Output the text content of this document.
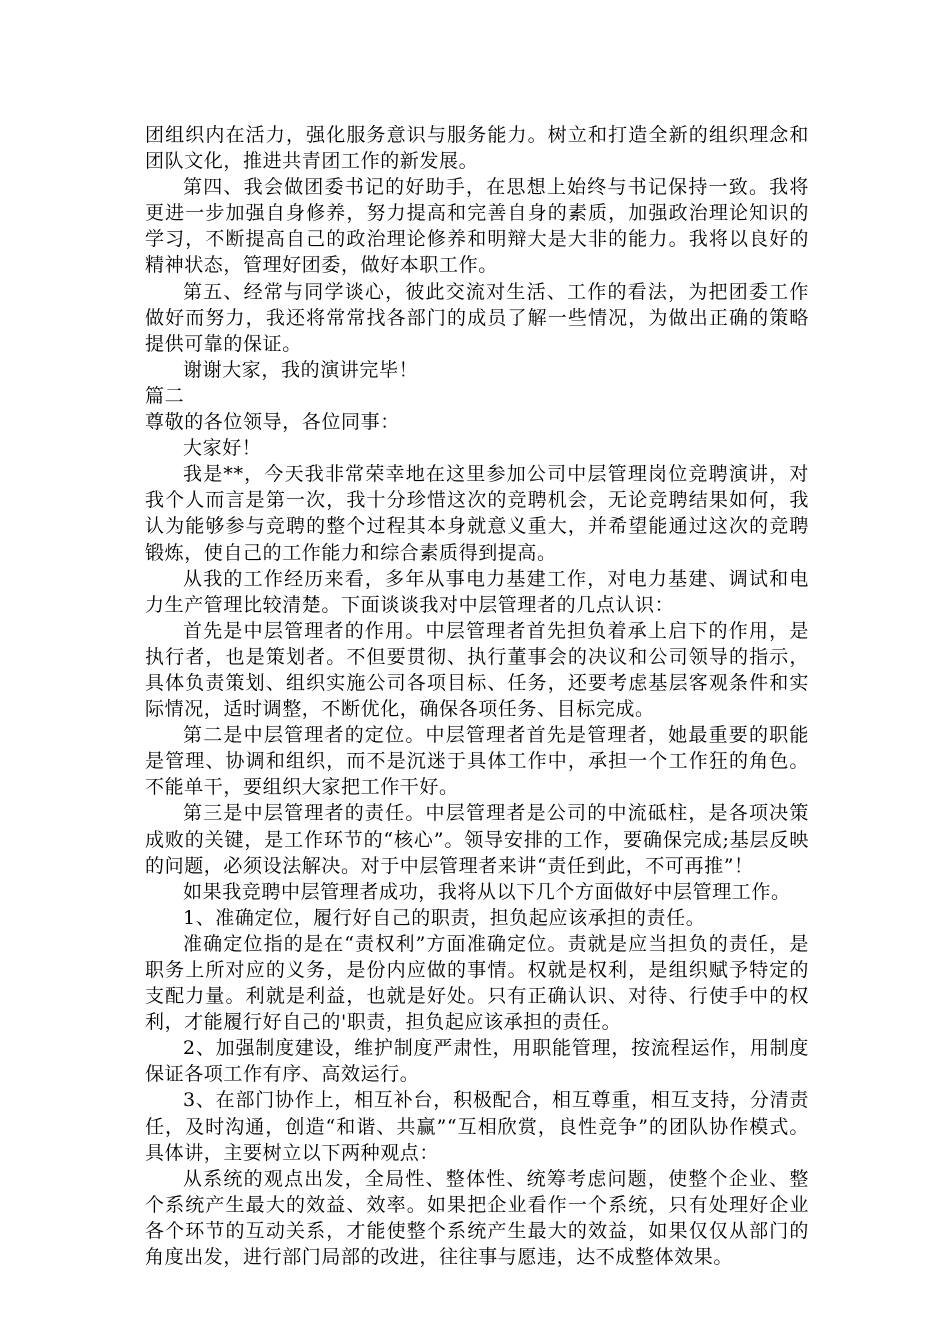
团组织内在活力，强化服务意识与服务能力。树立和打造全新的组织理念和团队文化，推进共青团工作的新发展。

第四、我会做团委书记的好助手，在思想上始终与书记保持一致。我将更进一步加强自身修养，努力提高和完善自身的素质，加强政治理论知识的学习，不断提高自己的政治理论修养和明辩大是大非的能力。我将以良好的精神状态，管理好团委，做好本职工作。

第五、经常与同学谈心，彼此交流对生活、工作的看法，为把团委工作做好而努力，我还将常常找各部门的成员了解一些情况，为做出正确的策略提供可靠的保证。

谢谢大家，我的演讲完毕！

篇二

尊敬的各位领导，各位同事：

大家好！

我是**，今天我非常荣幸地在这里参加公司中层管理岗位竞聘演讲，对我个人而言是第一次，我十分珍惜这次的竞聘机会，无论竞聘结果如何，我认为能够参与竞聘的整个过程其本身就意义重大，并希望能通过这次的竞聘锻炼，使自己的工作能力和综合素质得到提高。

从我的工作经历来看，多年从事电力基建工作，对电力基建、调试和电力生产管理比较清楚。下面谈谈我对中层管理者的几点认识：

首先是中层管理者的作用。中层管理者首先担负着承上启下的作用，是执行者，也是策划者。不但要贯彻、执行董事会的决议和公司领导的指示，具体负责策划、组织实施公司各项目标、任务，还要考虑基层客观条件和实际情况，适时调整，不断优化，确保各项任务、目标完成。

第二是中层管理者的定位。中层管理者首先是管理者，她最重要的职能是管理、协调和组织，而不是沉迷于具体工作中，承担一个工作狂的角色。不能单干，要组织大家把工作干好。

第三是中层管理者的责任。中层管理者是公司的中流砥柱，是各项决策成败的关键，是工作环节的“核心”。领导安排的工作，要确保完成;基层反映的问题，必须设法解决。对于中层管理者来讲“责任到此，不可再推”！

如果我竞聘中层管理者成功，我将从以下几个方面做好中层管理工作。

1、准确定位，履行好自己的职责，担负起应该承担的责任。

准确定位指的是在“责权利”方面准确定位。责就是应当担负的责任，是职务上所对应的义务，是份内应做的事情。权就是权利，是组织赋予特定的支配力量。利就是利益，也就是好处。只有正确认识、对待、行使手中的权利，才能履行好自己的'职责，担负起应该承担的责任。

2、加强制度建设，维护制度严肃性，用职能管理，按流程运作，用制度保证各项工作有序、高效运行。

3、在部门协作上，相互补台，积极配合，相互尊重，相互支持，分清责任，及时沟通，创造“和谐、共赢”“互相欣赏，良性竞争”的团队协作模式。具体讲，主要树立以下两种观点：

从系统的观点出发，全局性、整体性、统筹考虑问题，使整个企业、整个系统产生最大的效益、效率。如果把企业看作一个系统，只有处理好企业各个环节的互动关系，才能使整个系统产生最大的效益，如果仅仅从部门的角度出发，进行部门局部的改进，往往事与愿违，达不成整体效果。
